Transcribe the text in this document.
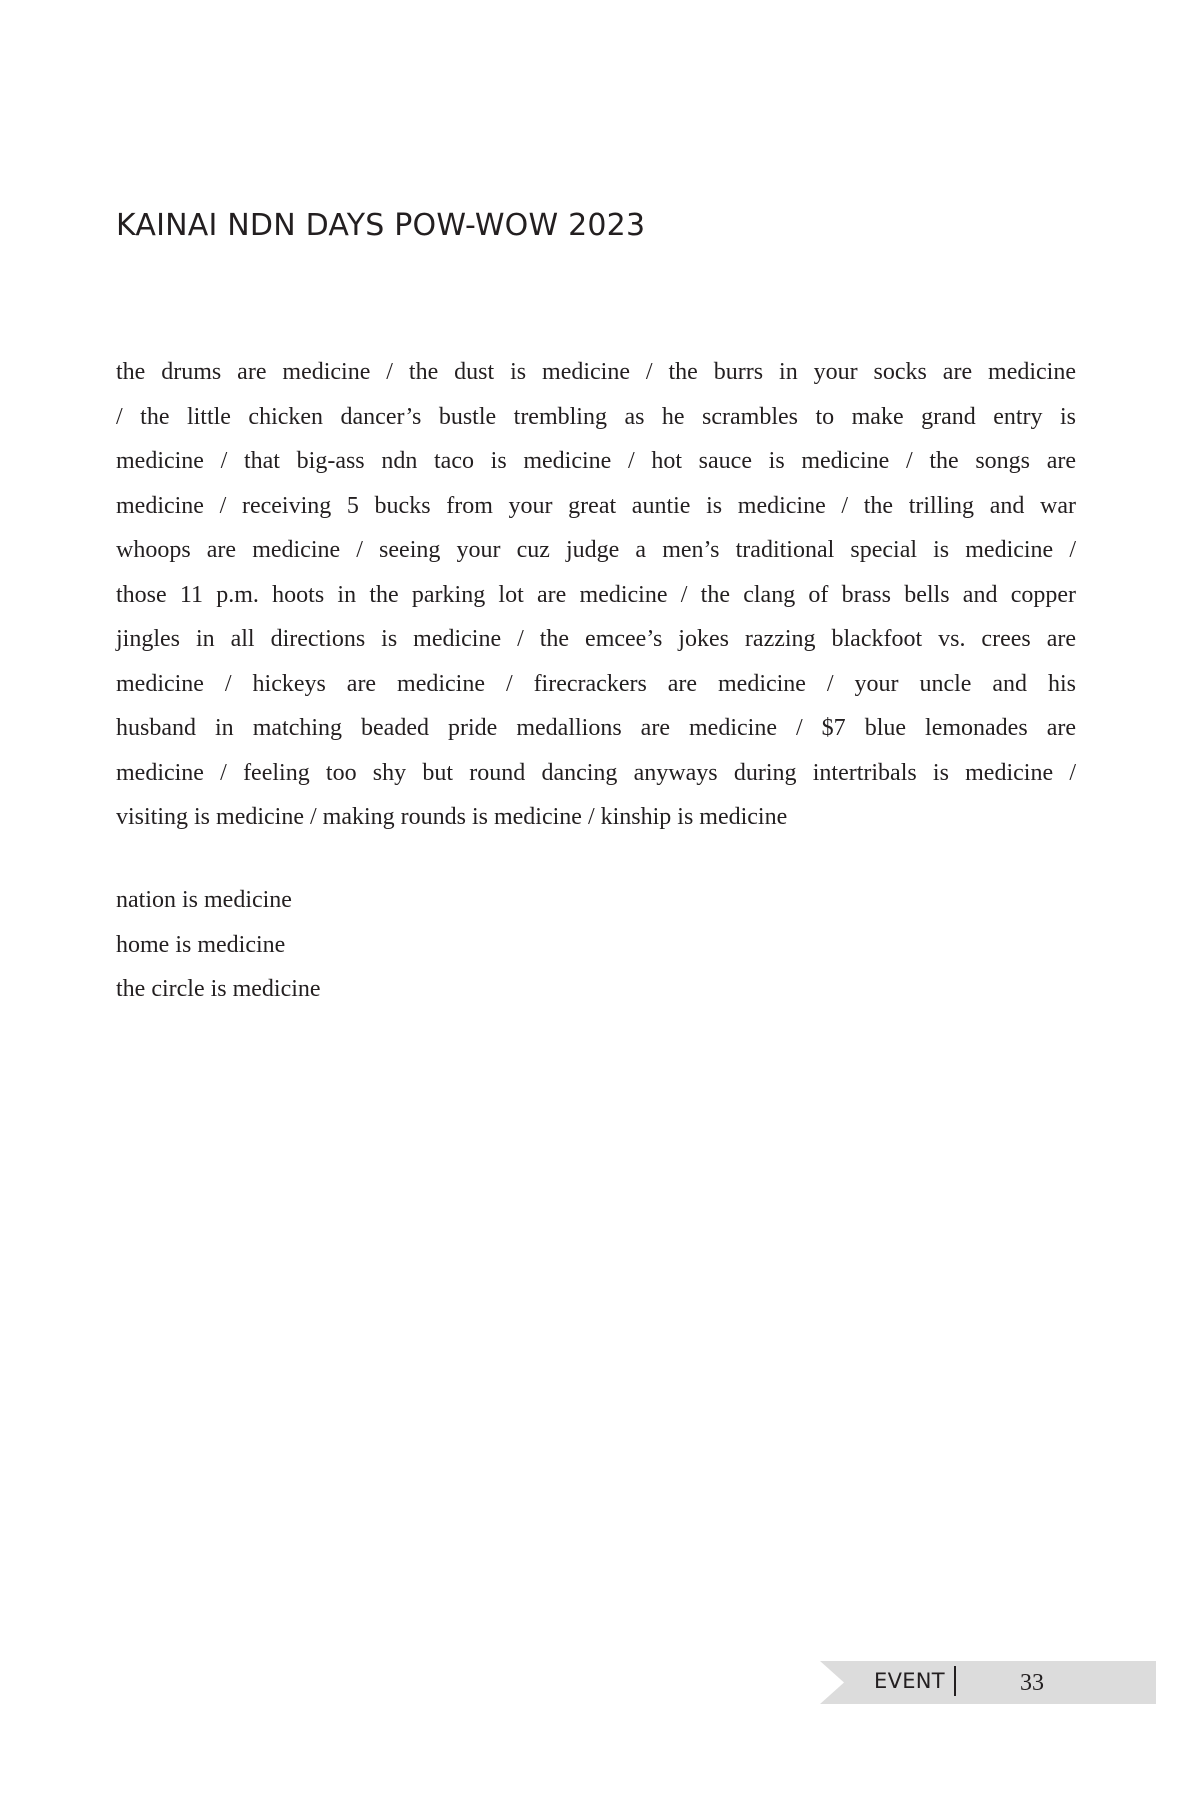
KAINAI NDN DAYS POW-WOW 2023
the drums are medicine / the dust is medicine / the burrs in your socks are medicine
/ the little chicken dancer’s bustle trembling as he scrambles to make grand entry is
medicine / that big-ass ndn taco is medicine / hot sauce is medicine / the songs are
medicine / receiving 5 bucks from your great auntie is medicine / the trilling and war
whoops are medicine / seeing your cuz judge a men’s traditional special is medicine /
those 11 p.m. hoots in the parking lot are medicine / the clang of brass bells and copper
jingles in all directions is medicine / the emcee’s jokes razzing blackfoot vs. crees are
medicine / hickeys are medicine / firecrackers are medicine / your uncle and his
husband in matching beaded pride medallions are medicine / $7 blue lemonades are
medicine / feeling too shy but round dancing anyways during intertribals is medicine /
visiting is medicine / making rounds is medicine / kinship is medicine
nation is medicine
home is medicine
the circle is medicine
EVENT	33
